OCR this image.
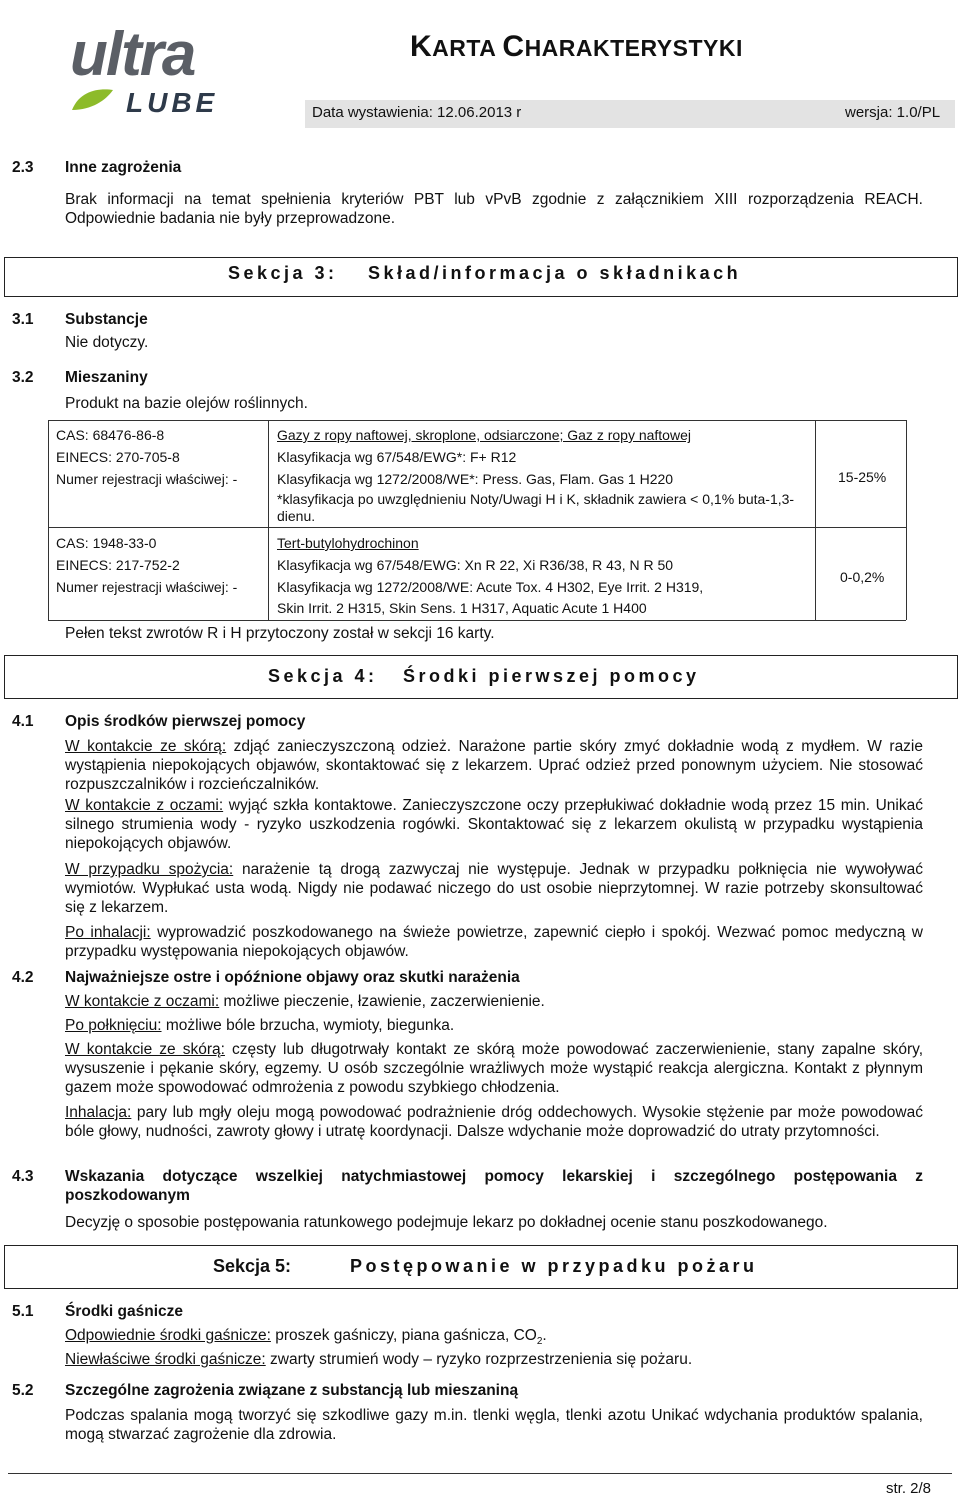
ultra
LUBE
KARTA CHARAKTERYSTYKI
Data wystawienia: 12.06.2013 r	wersja: 1.0/PL
2.3 Inne zagrożenia
Brak informacji na temat spełnienia kryteriów PBT lub vPvB zgodnie z załącznikiem XIII rozporządzenia REACH. Odpowiednie badania nie były przeprowadzone.
Sekcja 3: Skład/informacja o składnikach
3.1 Substancje
Nie dotyczy.
3.2 Mieszaniny
Produkt na bazie olejów roślinnych.
CAS: 68476-86-8
EINECS: 270-705-8
Numer rejestracji właściwej: -
Gazy z ropy naftowej, skroplone, odsiarczone; Gaz z ropy naftowej
Klasyfikacja wg 67/548/EWG*: F+ R12
Klasyfikacja wg 1272/2008/WE*: Press. Gas, Flam. Gas 1 H220
*klasyfikacja po uwzględnieniu Noty/Uwagi H i K, składnik zawiera < 0,1% buta-1,3-dienu.
15-25%
CAS: 1948-33-0
EINECS: 217-752-2
Numer rejestracji właściwej: -
Tert-butylohydrochinon
Klasyfikacja wg 67/548/EWG: Xn R 22, Xi R36/38, R 43, N R 50
Klasyfikacja wg 1272/2008/WE: Acute Tox. 4 H302, Eye Irrit. 2 H319,
Skin Irrit. 2 H315, Skin Sens. 1 H317, Aquatic Acute 1 H400
0-0,2%
Pełen tekst zwrotów R i H przytoczony został w sekcji 16 karty.
Sekcja 4: Środki pierwszej pomocy
4.1 Opis środków pierwszej pomocy
W kontakcie ze skórą: zdjąć zanieczyszczoną odzież. Narażone partie skóry zmyć dokładnie wodą z mydłem. W razie wystąpienia niepokojących objawów, skontaktować się z lekarzem. Uprać odzież przed ponownym użyciem. Nie stosować rozpuszczalników i rozcieńczalników.
W kontakcie z oczami: wyjąć szkła kontaktowe. Zanieczyszczone oczy przepłukiwać dokładnie wodą przez 15 min. Unikać silnego strumienia wody - ryzyko uszkodzenia rogówki. Skontaktować się z lekarzem okulistą w przypadku wystąpienia niepokojących objawów.
W przypadku spożycia: narażenie tą drogą zazwyczaj nie występuje. Jednak w przypadku połknięcia nie wywoływać wymiotów. Wypłukać usta wodą. Nigdy nie podawać niczego do ust osobie nieprzytomnej. W razie potrzeby skonsultować się z lekarzem.
Po inhalacji: wyprowadzić poszkodowanego na świeże powietrze, zapewnić ciepło i spokój. Wezwać pomoc medyczną w przypadku występowania niepokojących objawów.
4.2 Najważniejsze ostre i opóźnione objawy oraz skutki narażenia
W kontakcie z oczami: możliwe pieczenie, łzawienie, zaczerwienienie.
Po połknięciu: możliwe bóle brzucha, wymioty, biegunka.
W kontakcie ze skórą: częsty lub długotrwały kontakt ze skórą może powodować zaczerwienienie, stany zapalne skóry, wysuszenie i pękanie skóry, egzemy. U osób szczególnie wrażliwych może wystąpić reakcja alergiczna. Kontakt z płynnym gazem może spowodować odmrożenia z powodu szybkiego chłodzenia.
Inhalacja: pary lub mgły oleju mogą powodować podrażnienie dróg oddechowych. Wysokie stężenie par może powodować bóle głowy, nudności, zawroty głowy i utratę koordynacji. Dalsze wdychanie może doprowadzić do utraty przytomności.
4.3 Wskazania dotyczące wszelkiej natychmiastowej pomocy lekarskiej i szczególnego postępowania z poszkodowanym
Decyzję o sposobie postępowania ratunkowego podejmuje lekarz po dokładnej ocenie stanu poszkodowanego.
Sekcja 5:	Postępowanie w przypadku pożaru
5.1 Środki gaśnicze
Odpowiednie środki gaśnicze: proszek gaśniczy, piana gaśnicza, $CO_2$.
Niewłaściwe środki gaśnicze: zwarty strumień wody – ryzyko rozprzestrzenienia się pożaru.
5.2 Szczególne zagrożenia związane z substancją lub mieszaniną
Podczas spalania mogą tworzyć się szkodliwe gazy m.in. tlenki węgla, tlenki azotu Unikać wdychania produktów spalania, mogą stwarzać zagrożenie dla zdrowia.
str. 2/8
